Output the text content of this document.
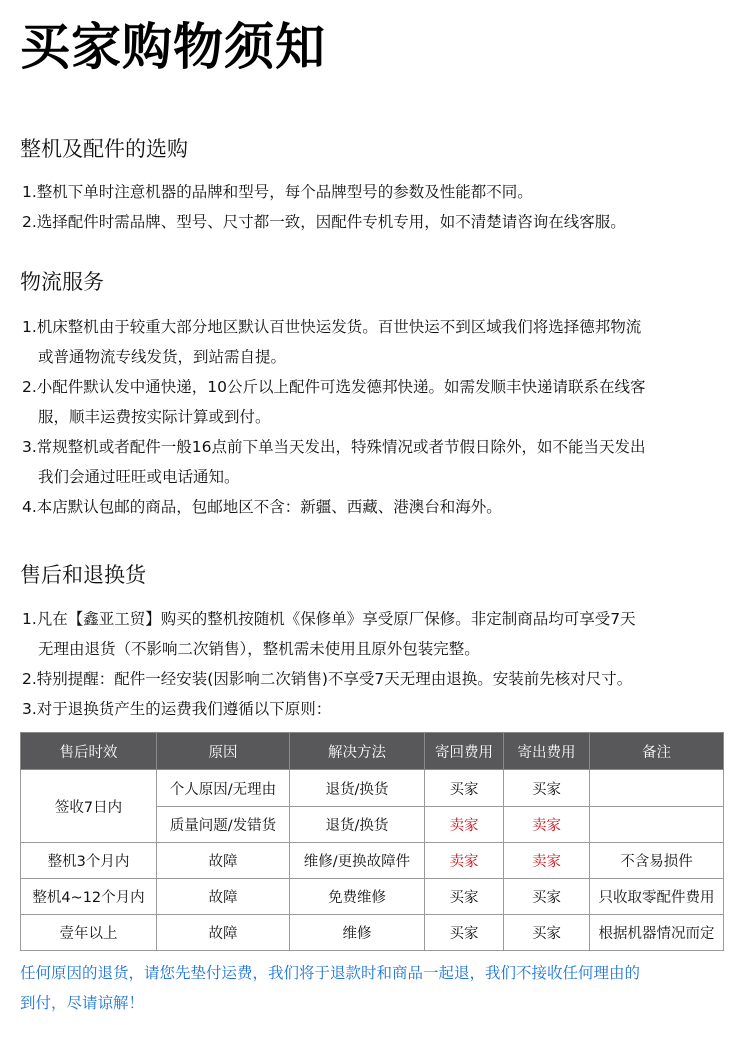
买家购物须知
整机及配件的选购
1.整机下单时注意机器的品牌和型号，每个品牌型号的参数及性能都不同。
2.选择配件时需品牌、型号、尺寸都一致，因配件专机专用，如不清楚请咨询在线客服。
物流服务
1.机床整机由于较重大部分地区默认百世快运发货。百世快运不到区域我们将选择德邦物流
或普通物流专线发货，到站需自提。
2.小配件默认发中通快递，10公斤以上配件可选发德邦快递。如需发顺丰快递请联系在线客
服，顺丰运费按实际计算或到付。
3.常规整机或者配件一般16点前下单当天发出，特殊情况或者节假日除外，如不能当天发出
我们会通过旺旺或电话通知。
4.本店默认包邮的商品，包邮地区不含：新疆、西藏、港澳台和海外。
售后和退换货
1.凡在【鑫亚工贸】购买的整机按随机《保修单》享受原厂保修。非定制商品均可享受7天
无理由退货（不影响二次销售），整机需未使用且原外包装完整。
2.特别提醒：配件一经安装(因影响二次销售)不享受7天无理由退换。安装前先核对尺寸。
3.对于退换货产生的运费我们遵循以下原则：
售后时效	原因	解决方法	寄回费用	寄出费用	备注
签收7日内	个人原因/无理由	退货/换货	买家	买家	
	质量问题/发错货	退货/换货	卖家	卖家	
整机3个月内	故障	维修/更换故障件	卖家	卖家	不含易损件
整机4~12个月内	故障	免费维修	买家	买家	只收取零配件费用
壹年以上	故障	维修	买家	买家	根据机器情况而定
任何原因的退货，请您先垫付运费，我们将于退款时和商品一起退，我们不接收任何理由的
到付，尽请谅解！
